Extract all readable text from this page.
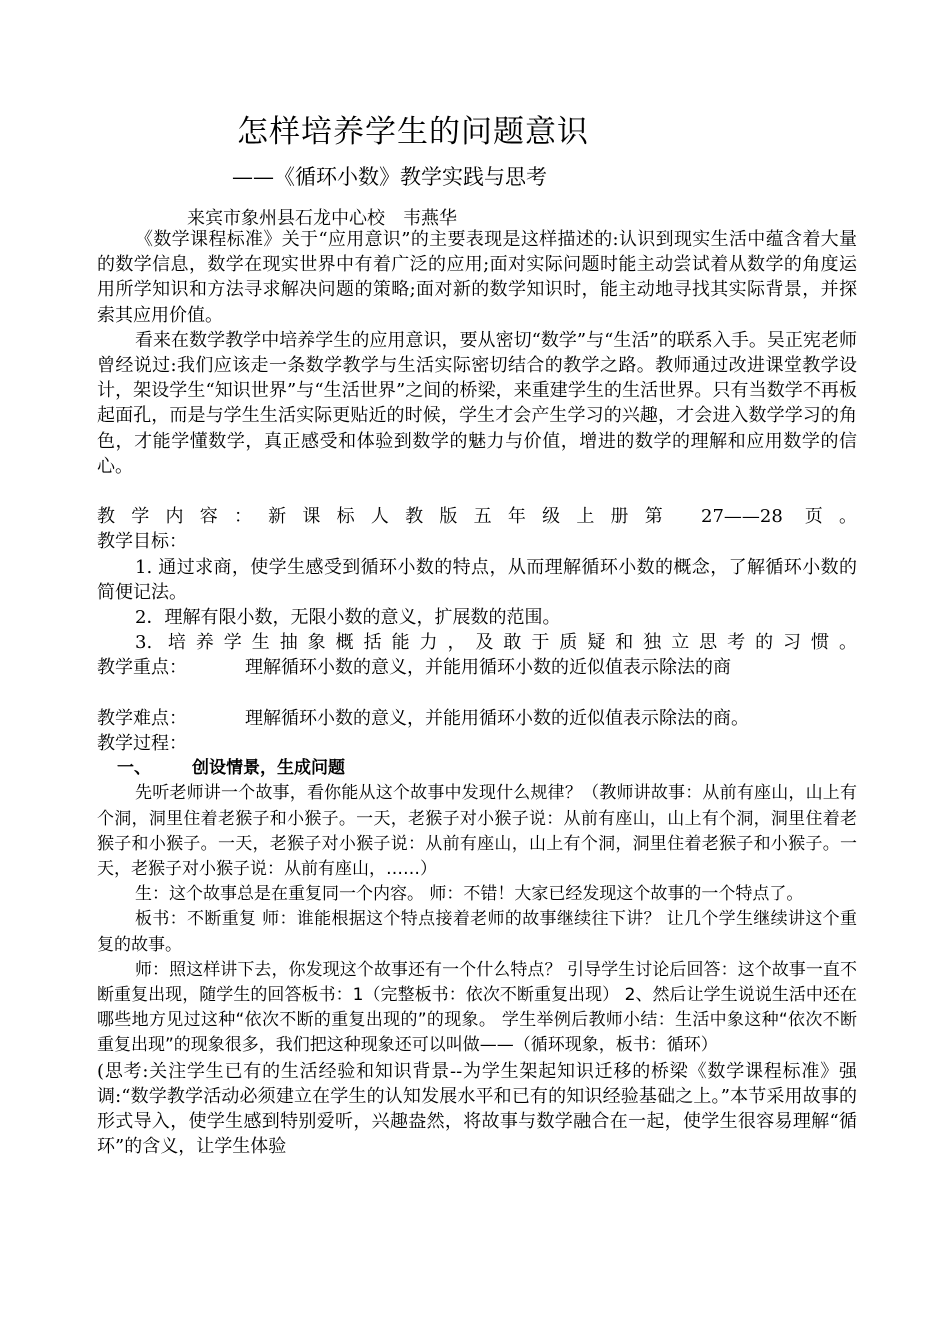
怎样培养学生的问题意识
——《循环小数》教学实践与思考
来宾市象州县石龙中心校　韦燕华

《数学课程标准》关于“应用意识”的主要表现是这样描述的:认识到现实生活中蕴含着大量的数学信息，数学在现实世界中有着广泛的应用;面对实际问题时能主动尝试着从数学的角度运用所学知识和方法寻求解决问题的策略;面对新的数学知识时，能主动地寻找其实际背景，并探索其应用价值。

看来在数学教学中培养学生的应用意识，要从密切“数学”与“生活”的联系入手。吴正宪老师曾经说过:我们应该走一条数学教学与生活实际密切结合的教学之路。教师通过改进课堂教学设计，架设学生“知识世界”与“生活世界”之间的桥梁，来重建学生的生活世界。只有当数学不再板起面孔，而是与学生生活实际更贴近的时候，学生才会产生学习的兴趣，才会进入数学学习的角色，才能学懂数学，真正感受和体验到数学的魅力与价值，增进的数学的理解和应用数学的信心。

教学内容：新课标人教版五年级上册第 27——28 页。

教学目标：

1. 通过求商，使学生感受到循环小数的特点，从而理解循环小数的概念，了解循环小数的简便记法。

2．理解有限小数，无限小数的意义，扩展数的范围。

3. 培养学生抽象概括能力，及敢于质疑和独立思考的习惯。

教学重点：	理解循环小数的意义，并能用循环小数的近似值表示除法的商

教学难点：	理解循环小数的意义，并能用循环小数的近似值表示除法的商。

教学过程：

一、 创设情景，生成问题

先听老师讲一个故事，看你能从这个故事中发现什么规律？（教师讲故事：从前有座山，山上有个洞，洞里住着老猴子和小猴子。一天，老猴子对小猴子说：从前有座山，山上有个洞，洞里住着老猴子和小猴子。一天，老猴子对小猴子说：从前有座山，山上有个洞，洞里住着老猴子和小猴子。一天，老猴子对小猴子说：从前有座山，……）

生：这个故事总是在重复同一个内容。 师：不错！大家已经发现这个故事的一个特点了。

板书：不断重复 师：谁能根据这个特点接着老师的故事继续往下讲？ 让几个学生继续讲这个重复的故事。

师：照这样讲下去，你发现这个故事还有一个什么特点？ 引导学生讨论后回答：这个故事一直不断重复出现，随学生的回答板书：1（完整板书：依次不断重复出现） 2、然后让学生说说生活中还在哪些地方见过这种“依次不断的重复出现的”的现象。 学生举例后教师小结：生活中象这种“依次不断重复出现”的现象很多，我们把这种现象还可以叫做——（循环现象，板书：循环）

(思考:关注学生已有的生活经验和知识背景--为学生架起知识迁移的桥梁《数学课程标准》强调:“数学教学活动必须建立在学生的认知发展水平和已有的知识经验基础之上。”本节采用故事的形式导入，使学生感到特别爱听，兴趣盎然，将故事与数学融合在一起，使学生很容易理解“循环”的含义，让学生体验
